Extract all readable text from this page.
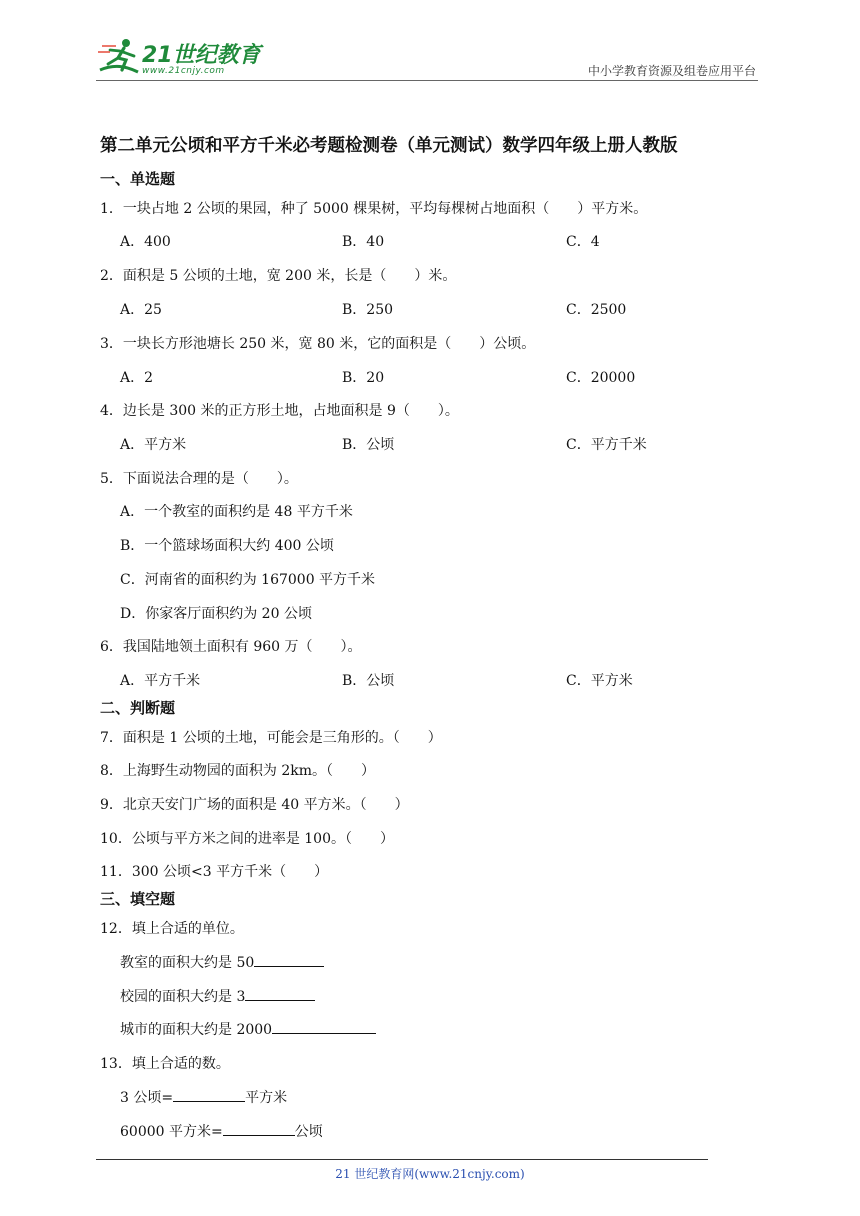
21世纪教育
www.21cnjy.com	中小学教育资源及组卷应用平台
第二单元公顷和平方千米必考题检测卷（单元测试）数学四年级上册人教版
一、单选题
1．一块占地 2 公顷的果园，种了 5000 棵果树，平均每棵树占地面积（　　）平方米。
A．400	B．40	C．4
2．面积是 5 公顷的土地，宽 200 米，长是（　　）米。
A．25	B．250	C．2500
3．一块长方形池塘长 250 米，宽 80 米，它的面积是（　　）公顷。
A．2	B．20	C．20000
4．边长是 300 米的正方形土地，占地面积是 9（　　）。
A．平方米	B．公顷	C．平方千米
5．下面说法合理的是（　　）。
A．一个教室的面积约是 48 平方千米
B．一个篮球场面积大约 400 公顷
C．河南省的面积约为 167000 平方千米
D．你家客厅面积约为 20 公顷
6．我国陆地领土面积有 960 万（　　）。
A．平方千米	B．公顷	C．平方米
二、判断题
7．面积是 1 公顷的土地，可能会是三角形的。（　　）
8．上海野生动物园的面积为 2km。（　　）
9．北京天安门广场的面积是 40 平方米。（　　）
10．公顷与平方米之间的进率是 100。（　　）
11．300 公顷<3 平方千米（　　）
三、填空题
12．填上合适的单位。
教室的面积大约是 50
校园的面积大约是 3
城市的面积大约是 2000
13．填上合适的数。
3 公顷=	平方米
60000 平方米=	公顷
21 世纪教育网(www.21cnjy.com)
